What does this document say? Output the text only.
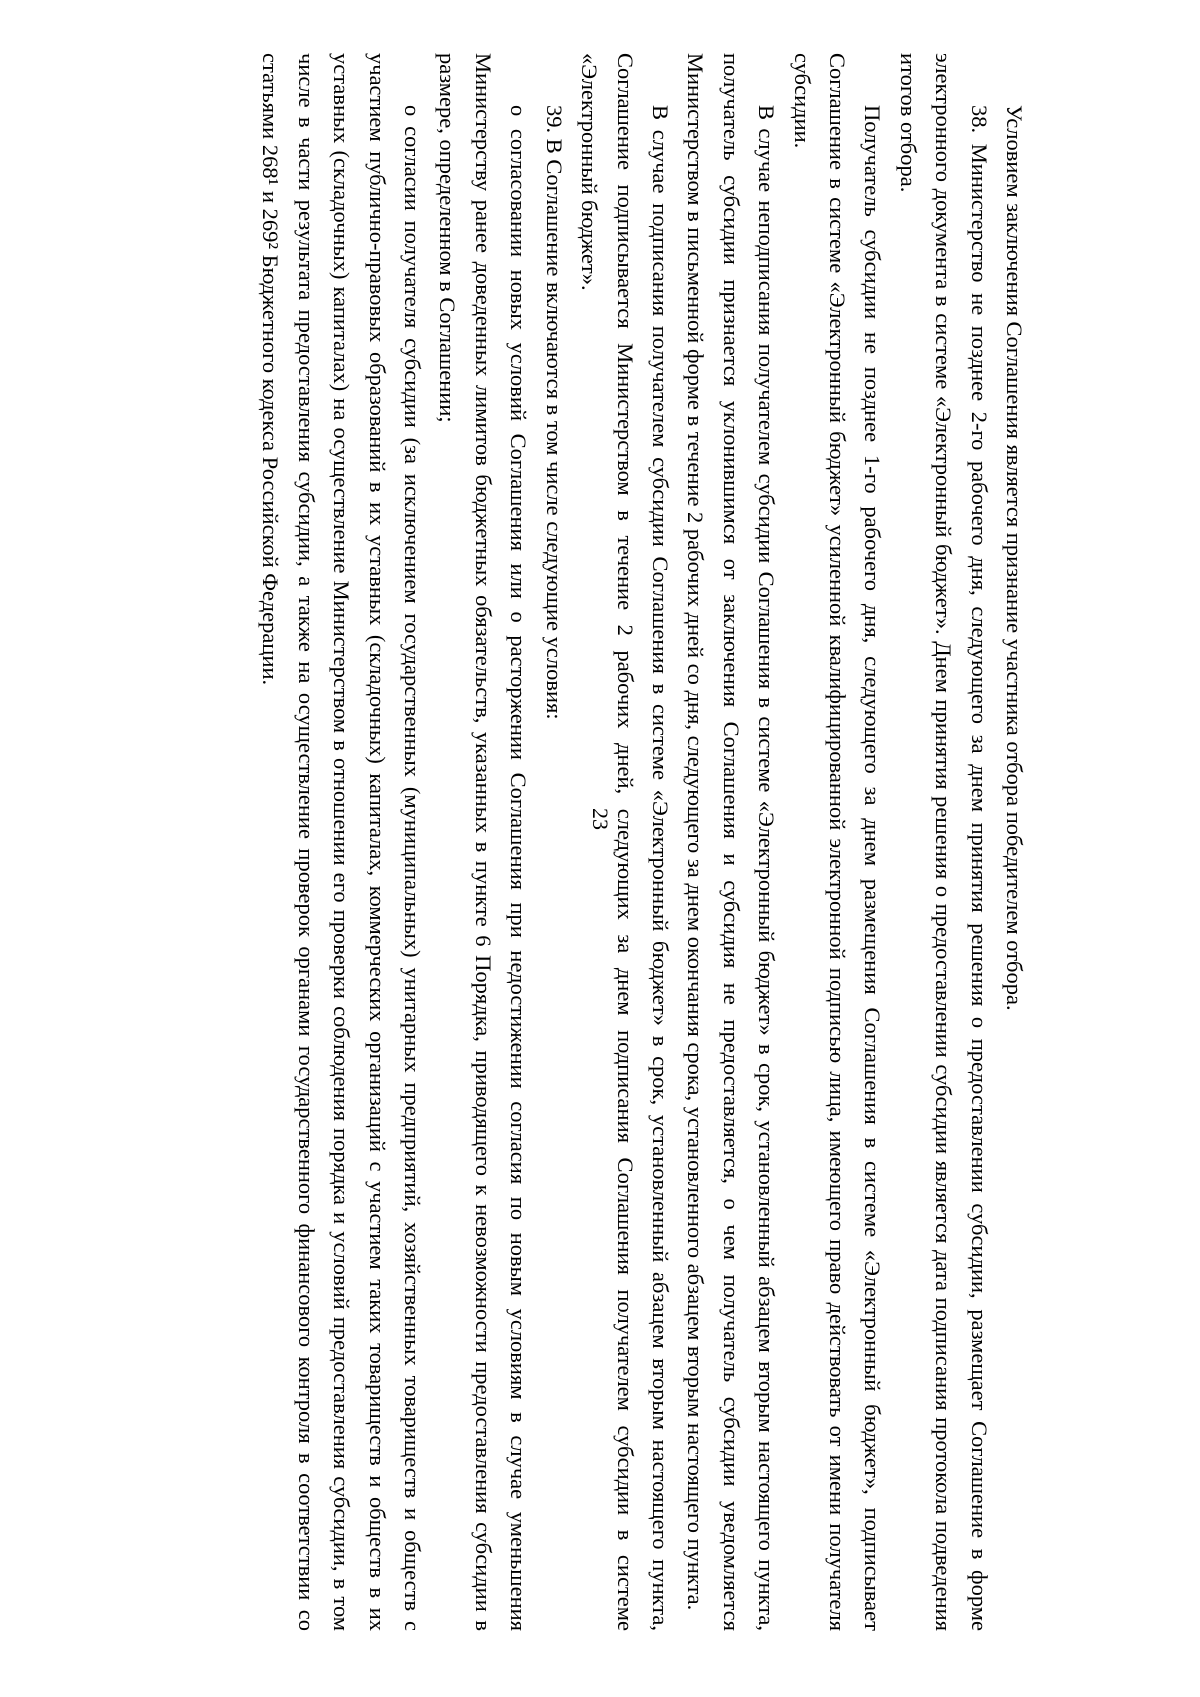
23	Условием заключения Соглашения является признание участника отбора победителем отбора.

38. Министерство не позднее 2-го рабочего дня, следующего за днем принятия решения о предоставлении субсидии, размещает Соглашение в форме электронного документа в системе «Электронный бюджет». Днем принятия решения о предоставлении субсидии является дата подписания протокола подведения итогов отбора.

Получатель субсидии не позднее 1-го рабочего дня, следующего за днем размещения Соглашения в системе «Электронный бюджет», подписывает Соглашение в системе «Электронный бюджет» усиленной квалифицированной электронной подписью лица, имеющего право действовать от имени получателя субсидии.

В случае неподписания получателем субсидии Соглашения в системе «Электронный бюджет» в срок, установленный абзацем вторым настоящего пункта, получатель субсидии признается уклонившимся от заключения Соглашения и субсидия не предоставляется, о чем получатель субсидии уведомляется Министерством в письменной форме в течение 2 рабочих дней со дня, следующего за днем окончания срока, установленного абзацем вторым настоящего пункта.

В случае подписания получателем субсидии Соглашения в системе «Электронный бюджет» в срок, установленный абзацем вторым настоящего пункта, Соглашение подписывается Министерством в течение 2 рабочих дней, следующих за днем подписания Соглашения получателем субсидии в системе «Электронный бюджет».

39. В Соглашение включаются в том числе следующие условия:

о согласовании новых условий Соглашения или о расторжении Соглашения при недостижении согласия по новым условиям в случае уменьшения Министерству ранее доведенных лимитов бюджетных обязательств, указанных в пункте 6 Порядка, приводящего к невозможности предоставления субсидии в размере, определенном в Соглашении;

о согласии получателя субсидии (за исключением государственных (муниципальных) унитарных предприятий, хозяйственных товариществ и обществ с участием публично-правовых образований в их уставных (складочных) капиталах, коммерческих организаций с участием таких товариществ и обществ в их уставных (складочных) капиталах) на осуществление Министерством в отношении его проверки соблюдения порядка и условий предоставления субсидии, в том числе в части результата предоставления субсидии, а также на осуществление проверок органами государственного финансового контроля в соответствии со статьями 268¹ и 269² Бюджетного кодекса Российской Федерации.
